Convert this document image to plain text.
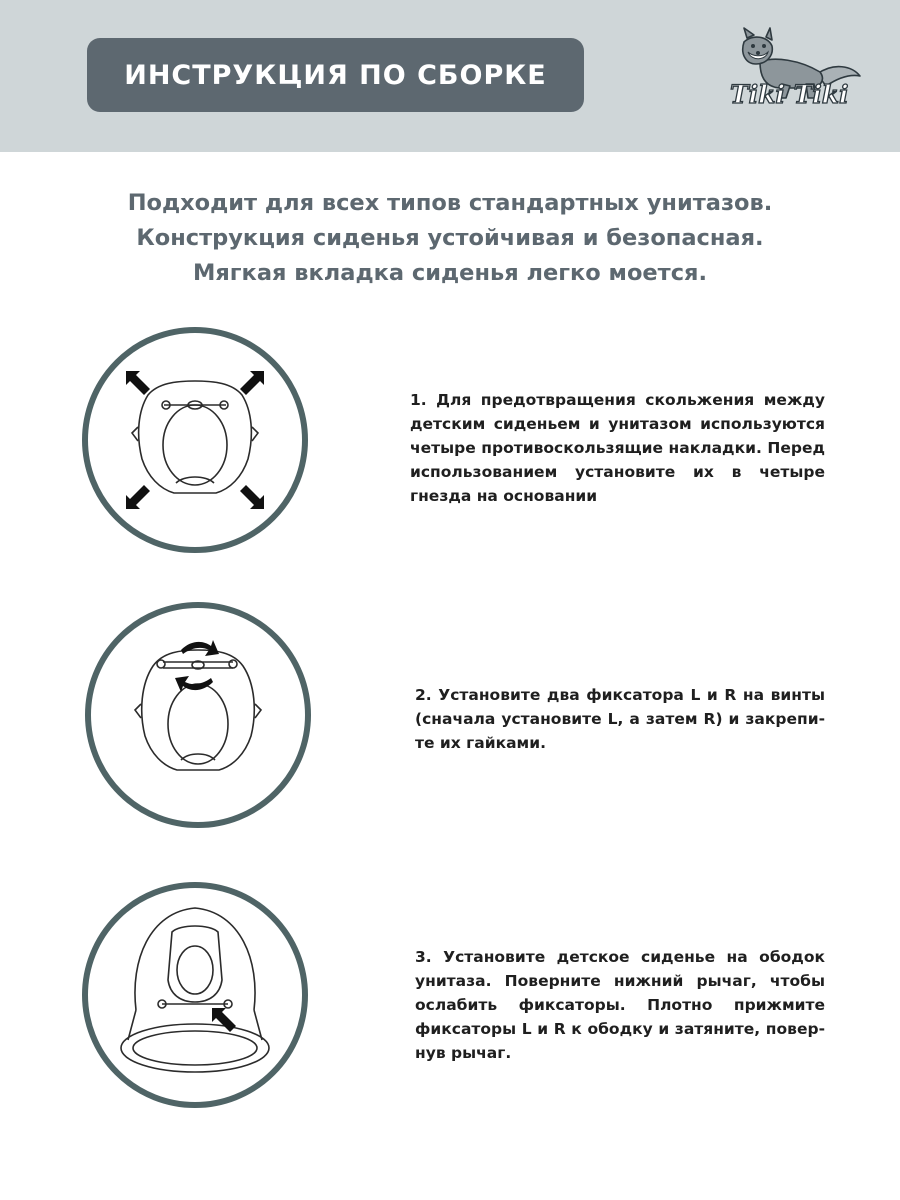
ИНСТРУКЦИЯ ПО СБОРКЕ
Tiki Tiki
Подходит для всех типов стандартных унитазов.
Конструкция сиденья устойчивая и безопасная.
Мягкая вкладка сиденья легко моется.
1. Для предотвращения скольжения между
детским сиденьем и унитазом используются
четыре противоскользящие накладки. Перед
использованием установите их в четыре
гнезда на основании
2. Установите два фиксатора L и R на винты
(сначала установите L, а затем R) и закрепи-
те их гайками.
3. Установите детское сиденье на ободок
унитаза. Поверните нижний рычаг, чтобы
ослабить фиксаторы. Плотно прижмите
фиксаторы L и R к ободку и затяните, повер-
нув рычаг.
